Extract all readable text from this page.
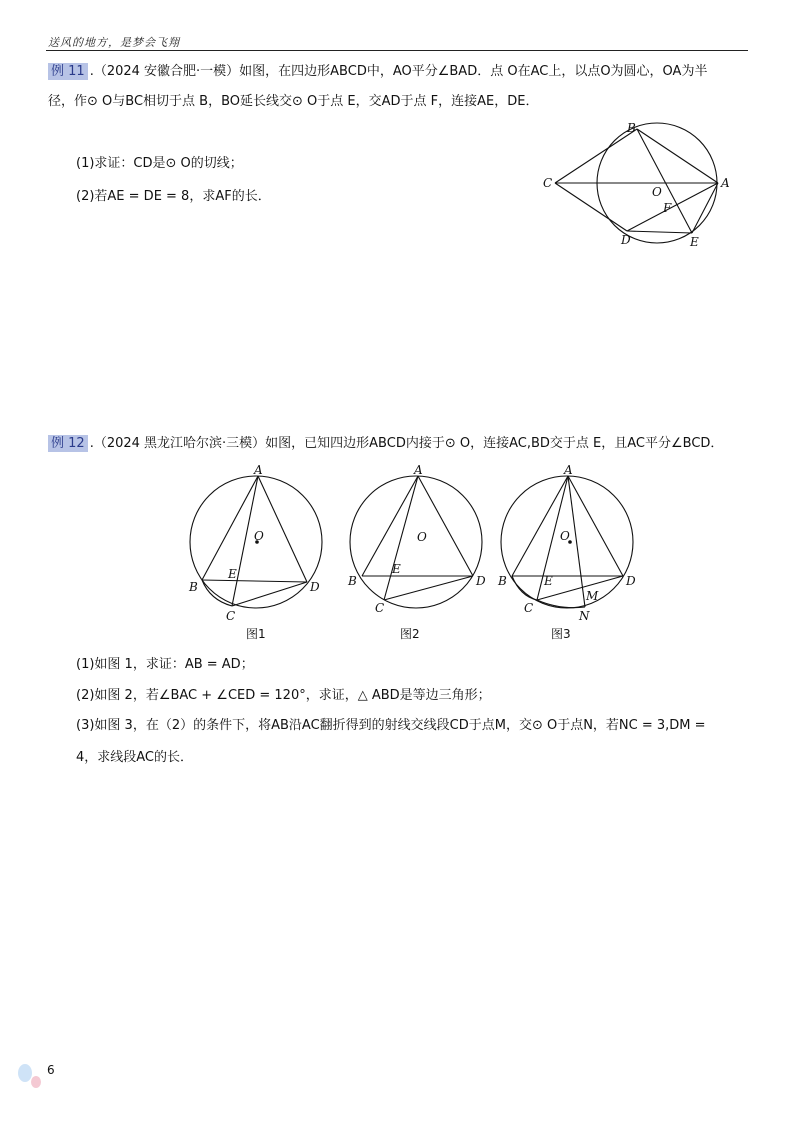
送风的地方，是梦会飞翔
例 11 .（2024 安徽合肥·一模）如图，在四边形ABCD中，AO平分∠BAD．点 O在AC上，以点O为圆心，OA为半
径，作⊙ O与BC相切于点 B，BO延长线交⊙ O于点 E，交AD于点 F，连接AE，DE．
(1)求证：CD是⊙ O的切线；
(2)若AE = DE = 8，求AF的长．
B
C
O
A
F
D	E
例 12 .（2024 黑龙江哈尔滨·三模）如图，已知四边形ABCD内接于⊙ O，连接AC,BD交于点 E，且AC平分∠BCD．
A
O
E
B	D
C
图1
A
O
E
B	D
C
图2
A
O
E
B	D
M
C
N
图3
(1)如图 1，求证：AB = AD；
(2)如图 2，若∠BAC + ∠CED = 120°，求证，△ ABD是等边三角形；
(3)如图 3，在（2）的条件下，将AB沿AC翻折得到的射线交线段CD于点M，交⊙ O于点N，若NC = 3,DM =
4，求线段AC的长．
6
